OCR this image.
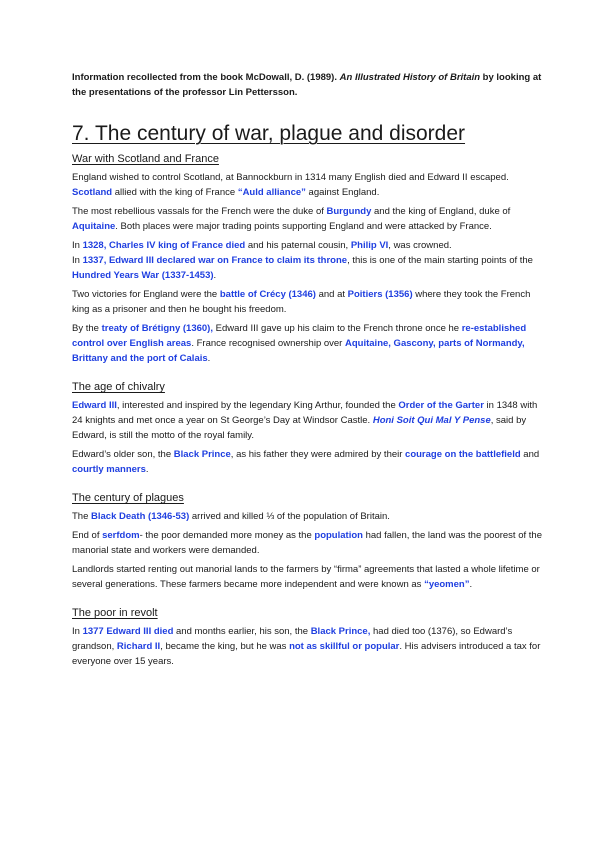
Information recollected from the book McDowall, D. (1989). An Illustrated History of Britain by looking at the presentations of the professor Lin Pettersson.

7. The century of war, plague and disorder
War with Scotland and France

England wished to control Scotland, at Bannockburn in 1314 many English died and Edward II escaped. Scotland allied with the king of France “Auld alliance” against England.

The most rebellious vassals for the French were the duke of Burgundy and the king of England, duke of Aquitaine. Both places were major trading points supporting England and were attacked by France.

In 1328, Charles IV king of France died and his paternal cousin, Philip VI, was crowned.

In 1337, Edward III declared war on France to claim its throne, this is one of the main starting points of the Hundred Years War (1337-1453).

Two victories for England were the battle of Crécy (1346) and at Poitiers (1356) where they took the French king as a prisoner and then he bought his freedom.

By the treaty of Brétigny (1360), Edward III gave up his claim to the French throne once he re-established control over English areas. France recognised ownership over Aquitaine, Gascony, parts of Normandy, Brittany and the port of Calais.

The age of chivalry

Edward III, interested and inspired by the legendary King Arthur, founded the Order of the Garter in 1348 with 24 knights and met once a year on St George’s Day at Windsor Castle. Honi Soit Qui Mal Y Pense, said by Edward, is still the motto of the royal family.

Edward’s older son, the Black Prince, as his father they were admired by their courage on the battlefield and courtly manners.

The century of plagues

The Black Death (1346-53) arrived and killed ⅓ of the population of Britain.

End of serfdom- the poor demanded more money as the population had fallen, the land was the poorest of the manorial state and workers were demanded.

Landlords started renting out manorial lands to the farmers by “firma” agreements that lasted a whole lifetime or several generations. These farmers became more independent and were known as “yeomen”.

The poor in revolt

In 1377 Edward III died and months earlier, his son, the Black Prince, had died too (1376), so Edward’s grandson, Richard II, became the king, but he was not as skillful or popular. His advisers introduced a tax for everyone over 15 years.
